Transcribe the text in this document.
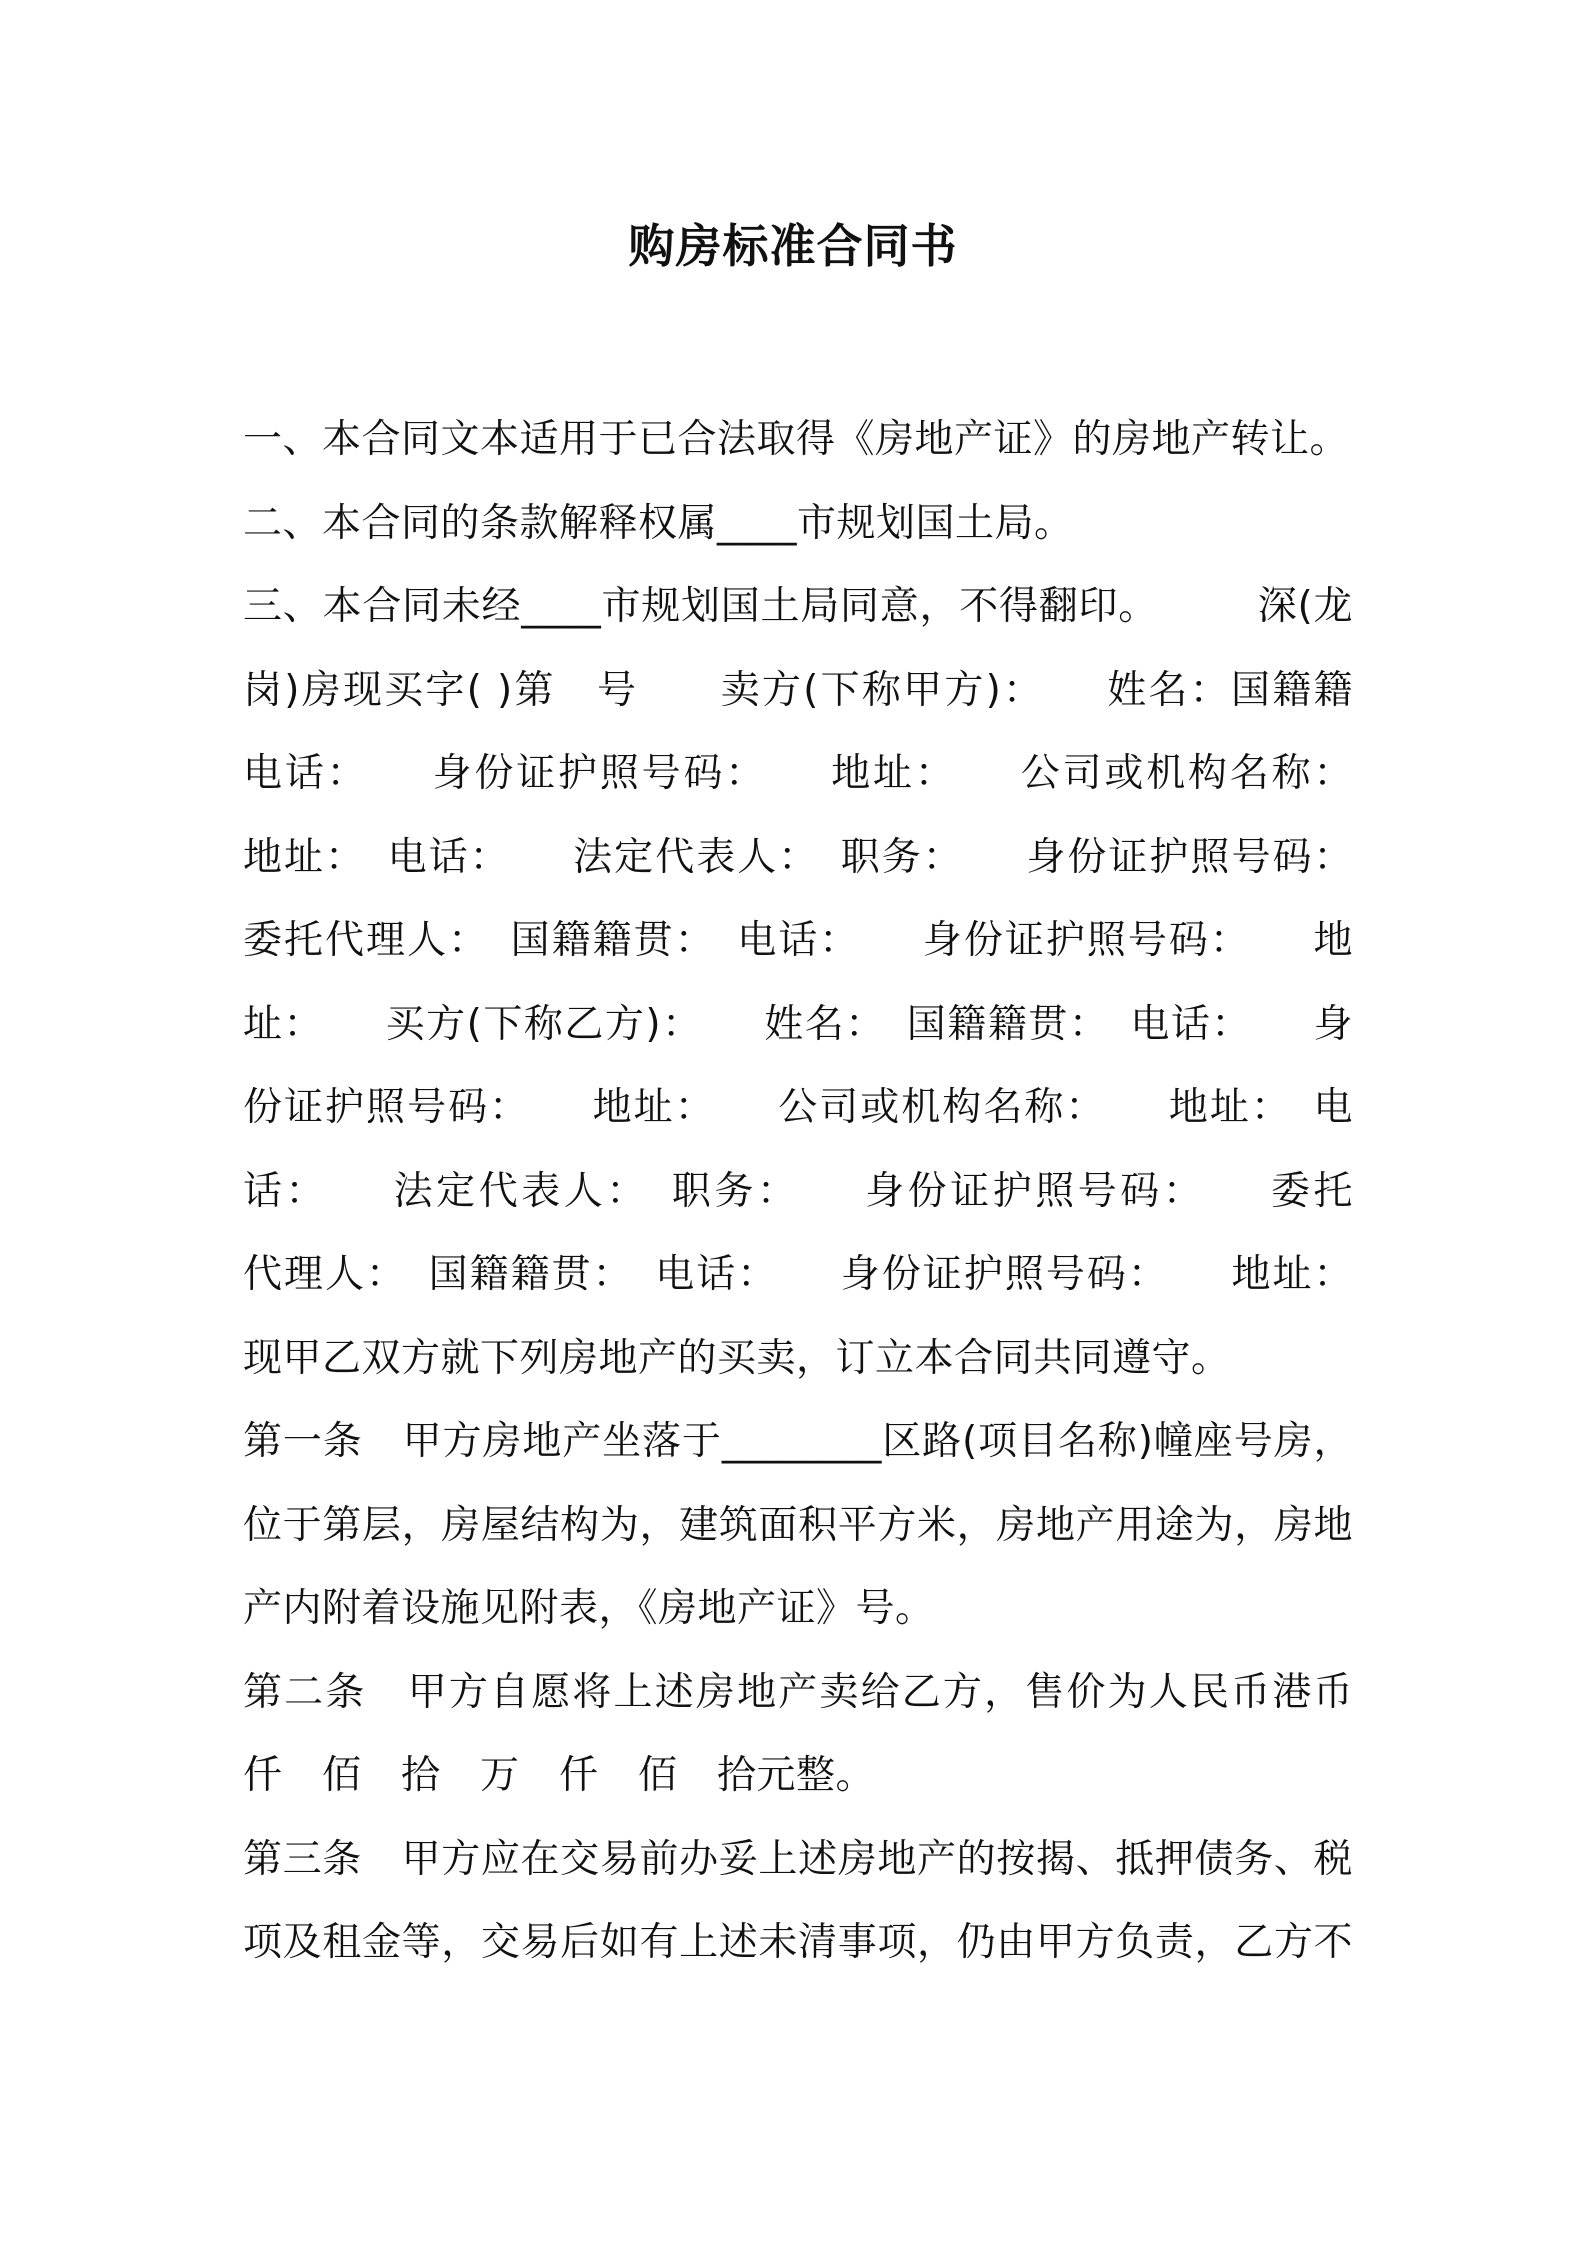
购房标准合同书
一、本合同文本适用于已合法取得《房地产证》的房地产转让。
二、本合同的条款解释权属____市规划国土局。
三、本合同未经____市规划国土局同意，不得翻印。　　　深(龙
岗)房现买字( )第　号　　卖方(下称甲方)：　　姓名：国籍籍
电话：　　身份证护照号码：　　地址：　　公司或机构名称：
地址：　电话：　　法定代表人：　职务：　　身份证护照号码：
委托代理人：　国籍籍贯：　电话：　　身份证护照号码：　　地
址：　　买方(下称乙方)：　　姓名：　国籍籍贯：　电话：　　身
份证护照号码：　　地址：　　公司或机构名称：　　地址：　电
话：　　法定代表人：　职务：　　身份证护照号码：　　委托
代理人：　国籍籍贯：　电话：　　身份证护照号码：　　地址：
现甲乙双方就下列房地产的买卖，订立本合同共同遵守。
第一条　甲方房地产坐落于________区路(项目名称)幢座号房，
位于第层，房屋结构为，建筑面积平方米，房地产用途为，房地
产内附着设施见附表，《房地产证》号。
第二条　甲方自愿将上述房地产卖给乙方，售价为人民币港币　
仟　佰　拾　万　仟　佰　拾元整。
第三条　甲方应在交易前办妥上述房地产的按揭、抵押债务、税
项及租金等，交易后如有上述未清事项，仍由甲方负责，乙方不
